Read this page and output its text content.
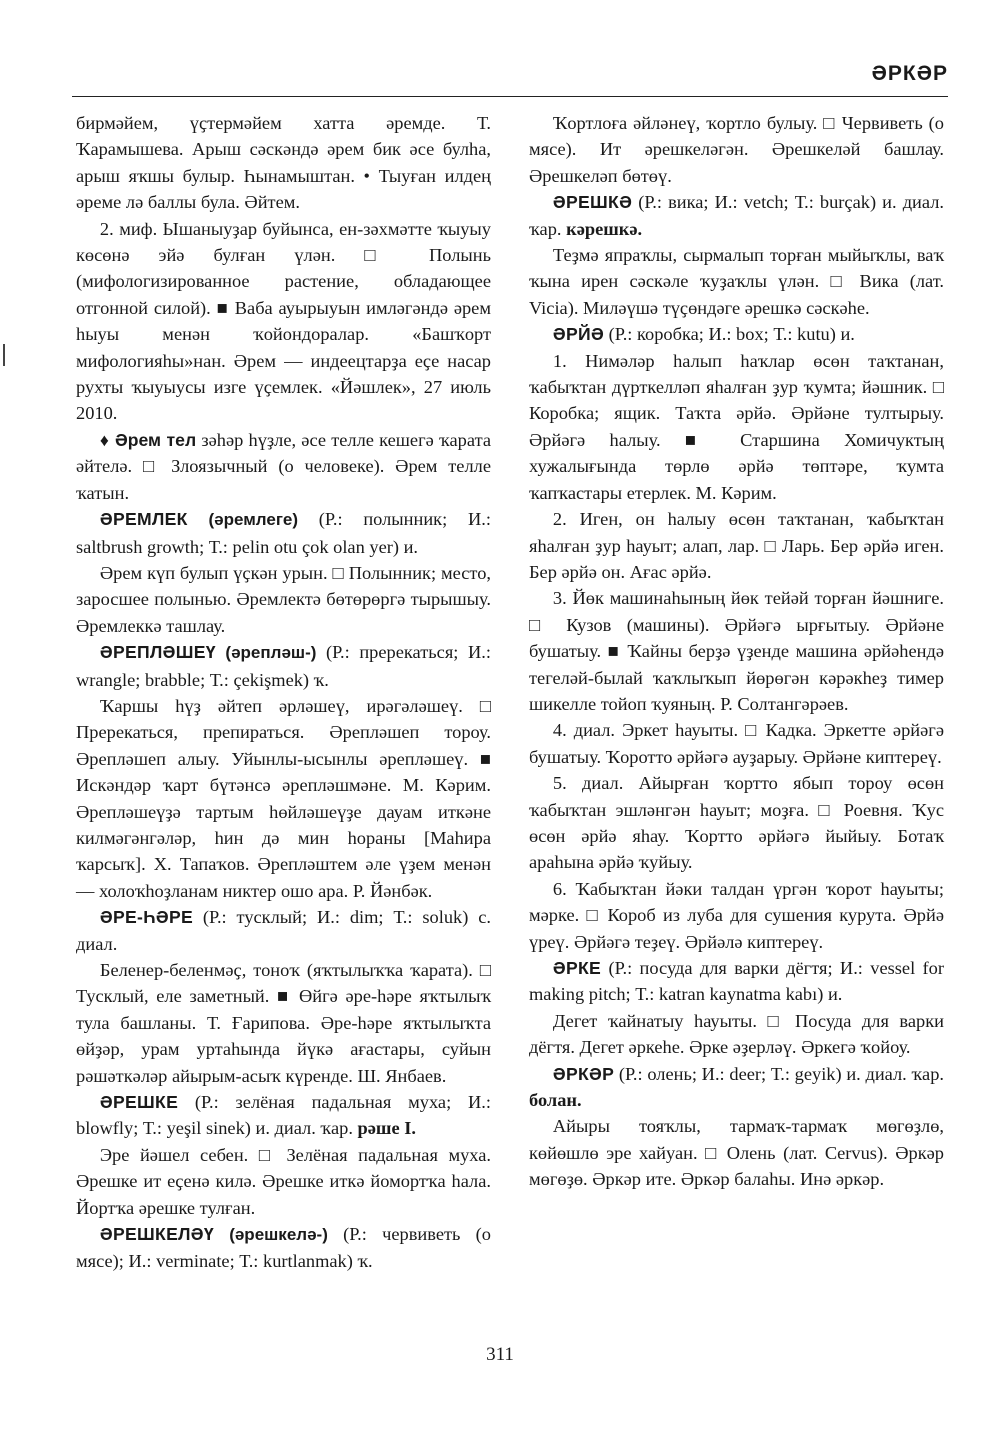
ӘРКӘР

бирмәйем, үҫтермәйем хатта әремде. Т. Ҡарамышева. Арыш сәскәндә әрем бик әсе булһа, арыш яҡшы булыр. Һынамыштан. • Тыуған илдең әреме лә баллы була. Әйтем.

2. миф. Ышаныуҙар буйынса, ен-зәхмәтте ҡыуыу көсөнә эйә булған үлән. □ Полынь (мифологизированное растение, обладающее отгонной силой). ■ Ваба ауырыуын имләгәндә әрем һыуы менән ҡойондоралар. «Башҡорт мифологияһы»нан. Әрем — индеецтарҙа еҫе насар рухты ҡыуыусы изге үҫемлек. «Йәшлек», 27 июль 2010.

♦ Әрем тел зәһәр һүҙле, әсе телле кешегә ҡарата әйтелә. □ Злоязычный (о человеке). Әрем телле ҡатын.

ӘРЕМЛЕК (әремлеге) (Р.: полынник; И.: saltbrush growth; Т.: pelin otu çok olan yer) и.

Әрем күп булып үҫкән урын. □ Полынник; место, заросшее полынью. Әремлектә бөтөрөргә тырышыу. Әремлеккә ташлау.

ӘРЕПЛӘШЕҮ (әрепләш-) (Р.: пререкаться; И.: wrangle; brabble; Т.: çekişmek) ҡ.

Ҡаршы һүҙ әйтеп әрләшеү, ирәгәләшеү. □ Пререкаться, препираться. Әрепләшеп тороу. Әрепләшеп алыу. Уйынлы-ысынлы әрепләшеү. ■ Искәндәр ҡарт бүтәнсә әрепләшмәне. М. Кәрим. Әрепләшеүҙә тартым һөйләшеүҙе дауам иткәне килмәгәнгәләр, һин дә мин һораны [Маһира ҡарсыҡ]. Х. Тапаҡов. Әрепләштем әле үҙем менән — холоҡһоҙланам никтер ошо ара. Р. Йәнбәк.

ӘРЕ-ҺӘРЕ (Р.: тусклый; И.: dim; Т.: soluk) с. диал.

Беленер-беленмәҫ, тоноҡ (яҡтылыҡҡа ҡарата). □ Тусклый, еле заметный. ■ Өйгә әре-һәре яҡтылыҡ тула башланы. Т. Ғарипова. Әре-һәре яҡтылыҡта өйҙәр, урам уртаһында йүкә ағастары, суйын рәшәткәләр айырым-асыҡ күренде. Ш. Янбаев.

ӘРЕШКЕ (Р.: зелёная падальная муха; И.: blowfly; Т.: yeşil sinek) и. диал. ҡар. рәше I.

Эре йәшел себен. □ Зелёная падальная муха. Әрешке ит еҫенә килә. Әрешке иткә йомортҡа һала. Йортҡа әрешке тулған.

ӘРЕШКЕЛӘҮ (әрешкелә-) (Р.: червиветь (о мясе); И.: verminate; Т.: kurtlanmak) ҡ.

Ҡортлоға әйләнеү, ҡортло булыу. □ Червиветь (о мясе). Ит әрешкеләгән. Әрешкеләй башлау. Әрешкеләп бөтөү.

ӘРЕШКӘ (Р.: вика; И.: vetch; Т.: burçak) и. диал. ҡар. кәрешкә.

Теҙмә япраҡлы, сырмалып торған мыйыҡлы, ваҡ ҡына ирен сәскәле ҡуҙаҡлы үлән. □ Вика (лат. Vicia). Миләүшә түҫөндәге әрешкә сәскәһе.

ӘРЙӘ (Р.: коробка; И.: box; Т.: kutu) и.

1. Нимәләр һалып һаҡлар өсөн таҡтанан, ҡабыҡтан дүрткелләп яһалған ҙур ҡумта; йәшник. □ Коробка; ящик. Таҡта әрйә. Әрйәне тултырыу. Әрйәгә һалыу. ■ Старшина Хомичуктың хужалығында төрлө әрйә төптәре, ҡумта ҡапҡастары етерлек. М. Кәрим.

2. Иген, он һалыу өсөн таҡтанан, ҡабыҡтан яһалған ҙур һауыт; алап, лар. □ Ларь. Бер әрйә иген. Бер әрйә он. Ағас әрйә.

3. Йөк машинаһының йөк тейәй торған йәшниге. □ Кузов (машины). Әрйәгә ырғытыу. Әрйәне бушатыу. ■ Ҡайны берҙә үҙенде машина әрйәһендә тегеләй-былай ҡаҡлыҡып йөрөгән кәрәкһеҙ тимер шикелле тойоп ҡуяның. Р. Солтангәрәев.

4. диал. Эркет һауыты. □ Кадка. Эркетте әрйәгә бушатыу. Ҡоротто әрйәгә ауҙарыу. Әрйәне киптереү.

5. диал. Айырған ҡортто ябып тороу өсөн ҡабыҡтан эшләнгән һауыт; моҙға. □ Роевня. Ҡус өсөн әрйә яһау. Ҡортто әрйәгә йыйыу. Ботаҡ араһына әрйә ҡуйыу.

6. Ҡабыҡтан йәки талдан үргән ҡорот һауыты; мәрке. □ Короб из луба для сушения курута. Әрйә үреү. Әрйәгә теҙеү. Әрйәлә киптереү.

ӘРКЕ (Р.: посуда для варки дёгтя; И.: vessel for making pitch; Т.: katran kaynatma kabı) и.

Дегет ҡайнатыу һауыты. □ Посуда для варки дёгтя. Дегет әркеһе. Әрке әҙерләү. Әркегә ҡойоу.

ӘРКӘР (Р.: олень; И.: deer; Т.: geyik) и. диал. ҡар. болан.

Айыры тояҡлы, тармаҡ-тармаҡ мөгөҙлө, көйөшлө эре хайуан. □ Олень (лат. Cervus). Әркәр мөгөҙө. Әркәр ите. Әркәр балаһы. Инә әркәр.

311
